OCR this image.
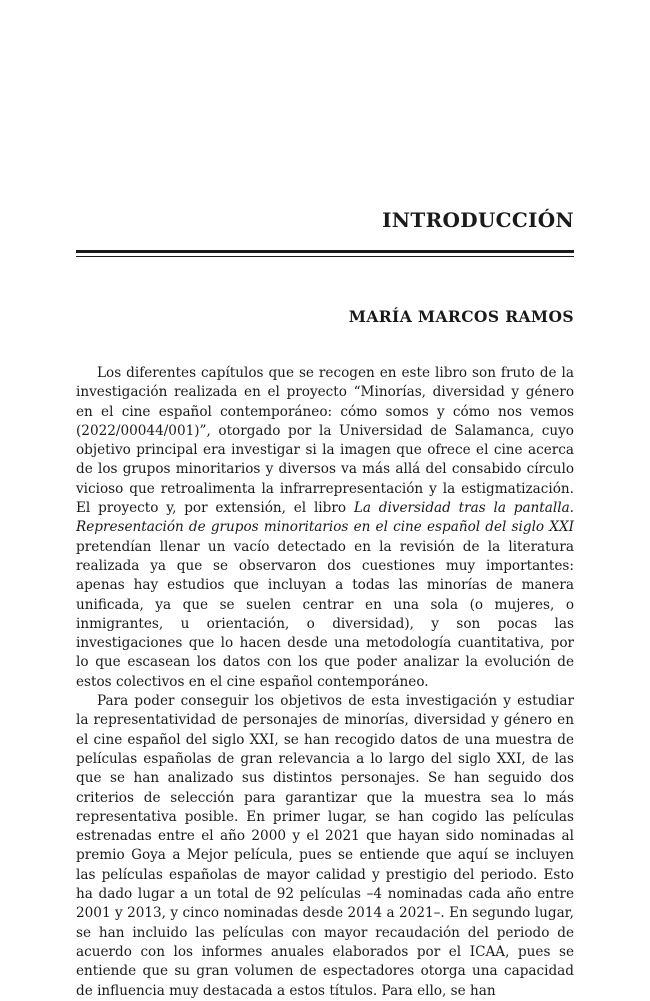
INTRODUCCIÓN
MARÍA MARCOS RAMOS

Los diferentes capítulos que se recogen en este libro son fruto de la investigación realizada en el proyecto “Minorías, diversidad y género en el cine español contemporáneo: cómo somos y cómo nos vemos (2022/00044/001)”, otorgado por la Universidad de Salamanca, cuyo objetivo principal era investigar si la imagen que ofrece el cine acerca de los grupos minoritarios y diversos va más allá del consabido círculo vicioso que retroalimenta la infrarrepresentación y la estigmatización. El proyecto y, por extensión, el libro La diversidad tras la pantalla. Representación de grupos minoritarios en el cine español del siglo XXI pretendían llenar un vacío detectado en la revisión de la literatura realizada ya que se observaron dos cuestiones muy importantes: apenas hay estudios que incluyan a todas las minorías de manera unificada, ya que se suelen centrar en una sola (o mujeres, o inmigrantes, u orientación, o diversidad), y son pocas las investigaciones que lo hacen desde una metodología cuantitativa, por lo que escasean los datos con los que poder analizar la evolución de estos colectivos en el cine español contemporáneo.

Para poder conseguir los objetivos de esta investigación y estudiar la representatividad de personajes de minorías, diversidad y género en el cine español del siglo XXI, se han recogido datos de una muestra de películas españolas de gran relevancia a lo largo del siglo XXI, de las que se han analizado sus distintos personajes. Se han seguido dos criterios de selección para garantizar que la muestra sea lo más representativa posible. En primer lugar, se han cogido las películas estrenadas entre el año 2000 y el 2021 que hayan sido nominadas al premio Goya a Mejor película, pues se entiende que aquí se incluyen las películas españolas de mayor calidad y prestigio del periodo. Esto ha dado lugar a un total de 92 películas –4 nominadas cada año entre 2001 y 2013, y cinco nominadas desde 2014 a 2021–. En segundo lugar, se han incluido las películas con mayor recaudación del periodo de acuerdo con los informes anuales elaborados por el ICAA, pues se entiende que su gran volumen de espectadores otorga una capacidad de influencia muy destacada a estos títulos. Para ello, se han
